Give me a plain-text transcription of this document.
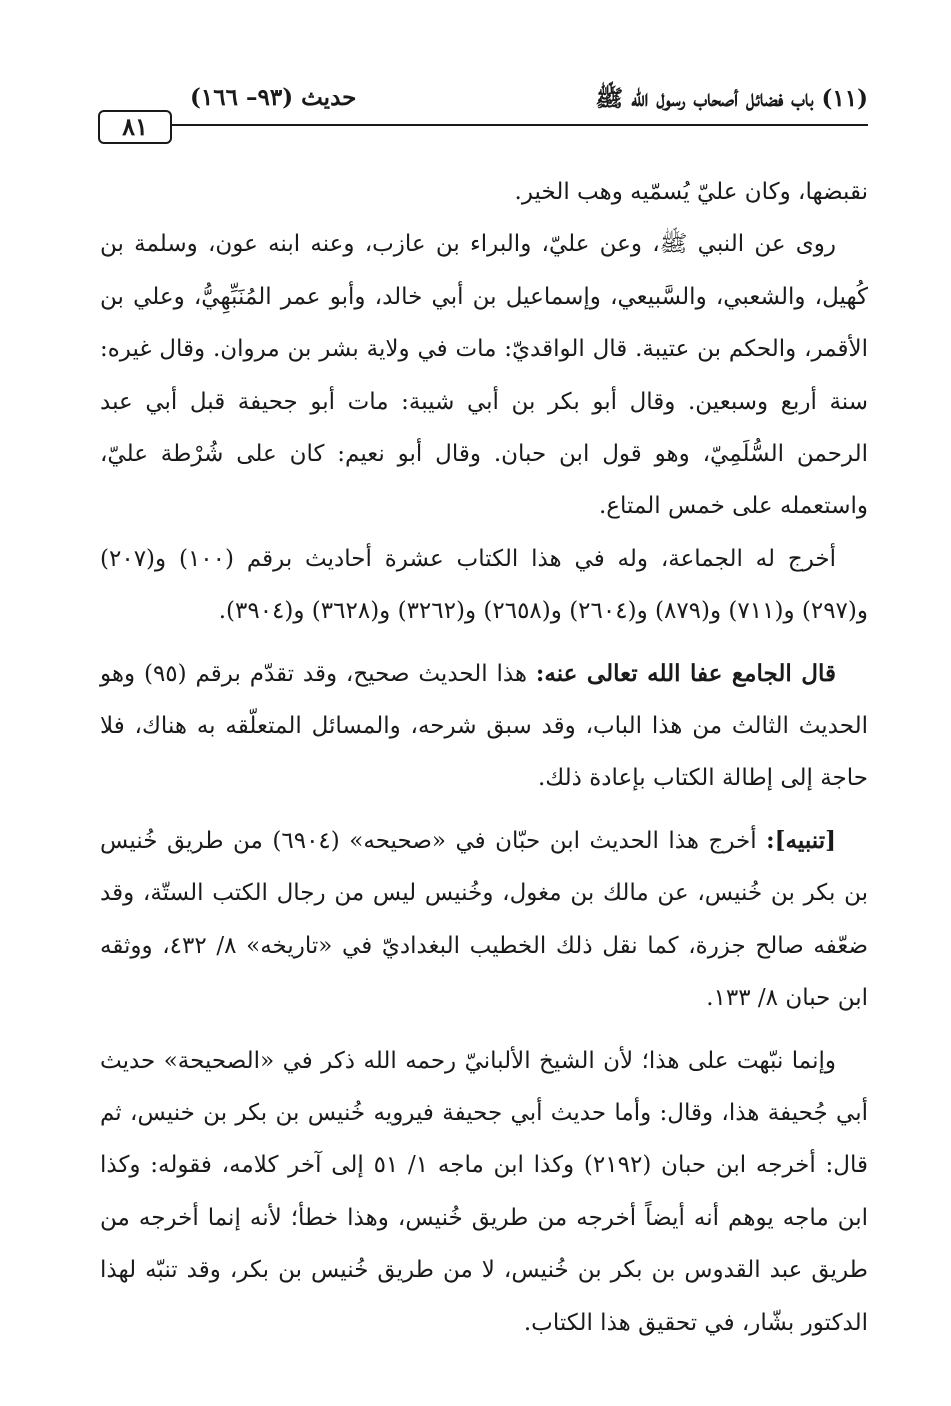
٨١
حديث (٩٣– ١٦٦)	(١١) باب فضائل أصحاب رسول الله ﷺ

نقبضها، وكان عليّ يُسمّيه وهب الخير.

روى عن النبي ﷺ، وعن عليّ، والبراء بن عازب، وعنه ابنه عون، وسلمة بن كُهيل، والشعبي، والسَّبيعي، وإسماعيل بن أبي خالد، وأبو عمر المُنَبِّهِيُّ، وعلي بن الأقمر، والحكم بن عتيبة. قال الواقديّ: مات في ولاية بشر بن مروان. وقال غيره: سنة أربع وسبعين. وقال أبو بكر بن أبي شيبة: مات أبو جحيفة قبل أبي عبد الرحمن السُّلَمِيّ، وهو قول ابن حبان. وقال أبو نعيم: كان على شُرْطة عليّ، واستعمله على خمس المتاع.

أخرج له الجماعة، وله في هذا الكتاب عشرة أحاديث برقم (١٠٠) و(٢٠٧) و(٢٩٧) و(٧١١) و(٨٧٩) و(٢٦٠٤) و(٢٦٥٨) و(٣٢٦٢) و(٣٦٢٨) و(٣٩٠٤).

قال الجامع عفا الله تعالى عنه: هذا الحديث صحيح، وقد تقدّم برقم (٩٥) وهو الحديث الثالث من هذا الباب، وقد سبق شرحه، والمسائل المتعلّقه به هناك، فلا حاجة إلى إطالة الكتاب بإعادة ذلك.

[تنبيه]: أخرج هذا الحديث ابن حبّان في «صحيحه» (٦٩٠٤) من طريق خُنيس بن بكر بن خُنيس، عن مالك بن مغول، وخُنيس ليس من رجال الكتب الستّة، وقد ضعّفه صالح جزرة، كما نقل ذلك الخطيب البغداديّ في «تاريخه» ٨/ ٤٣٢، ووثقه ابن حبان ٨/ ١٣٣.

وإنما نبّهت على هذا؛ لأن الشيخ الألبانيّ رحمه الله ذكر في «الصحيحة» حديث أبي جُحيفة هذا، وقال: وأما حديث أبي جحيفة فيرويه خُنيس بن بكر بن خنيس، ثم قال: أخرجه ابن حبان (٢١٩٢) وكذا ابن ماجه ١/ ٥١ إلى آخر كلامه، فقوله: وكذا ابن ماجه يوهم أنه أيضاً أخرجه من طريق خُنيس، وهذا خطأ؛ لأنه إنما أخرجه من طريق عبد القدوس بن بكر بن خُنيس، لا من طريق خُنيس بن بكر، وقد تنبّه لهذا الدكتور بشّار، في تحقيق هذا الكتاب.
